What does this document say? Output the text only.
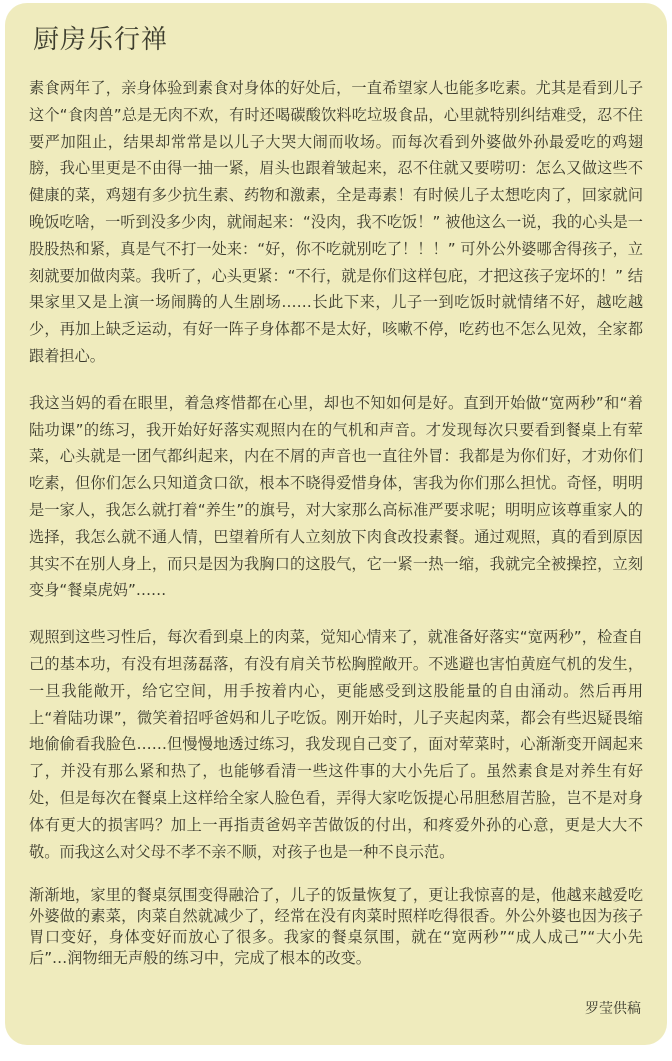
厨房乐行禅

素食两年了，亲身体验到素食对身体的好处后，一直希望家人也能多吃素。尤其是看到儿子这个“食肉兽”总是无肉不欢，有时还喝碳酸饮料吃垃圾食品，心里就特别纠结难受，忍不住要严加阻止，结果却常常是以儿子大哭大闹而收场。而每次看到外婆做外孙最爱吃的鸡翅膀，我心里更是不由得一抽一紧，眉头也跟着皱起来，忍不住就又要唠叨：怎么又做这些不健康的菜，鸡翅有多少抗生素、药物和激素，全是毒素！有时候儿子太想吃肉了，回家就问晚饭吃啥，一听到没多少肉，就闹起来：“没肉，我不吃饭！” 被他这么一说，我的心头是一股股热和紧，真是气不打一处来：“好，你不吃就别吃了！！！” 可外公外婆哪舍得孩子，立刻就要加做肉菜。我听了，心头更紧：“不行，就是你们这样包庇，才把这孩子宠坏的！” 结果家里又是上演一场闹腾的人生剧场……长此下来，儿子一到吃饭时就情绪不好，越吃越少，再加上缺乏运动，有好一阵子身体都不是太好，咳嗽不停，吃药也不怎么见效，全家都跟着担心。

我这当妈的看在眼里，着急疼惜都在心里，却也不知如何是好。直到开始做“宽两秒”和“着陆功课”的练习，我开始好好落实观照内在的气机和声音。才发现每次只要看到餐桌上有荤菜，心头就是一团气都纠起来，内在不屑的声音也一直往外冒：我都是为你们好，才劝你们吃素，但你们怎么只知道贪口欲，根本不晓得爱惜身体，害我为你们那么担忧。奇怪，明明是一家人，我怎么就打着“养生”的旗号，对大家那么高标准严要求呢；明明应该尊重家人的选择，我怎么就不通人情，巴望着所有人立刻放下肉食改投素餐。通过观照，真的看到原因其实不在别人身上，而只是因为我胸口的这股气，它一紧一热一缩，我就完全被操控，立刻变身“餐桌虎妈”……

观照到这些习性后，每次看到桌上的肉菜，觉知心情来了，就准备好落实“宽两秒”，检查自己的基本功，有没有坦荡磊落，有没有肩关节松胸膛敞开。不逃避也害怕黄庭气机的发生，一旦我能敞开，给它空间，用手按着内心，更能感受到这股能量的自由涌动。然后再用上“着陆功课”，微笑着招呼爸妈和儿子吃饭。刚开始时，儿子夹起肉菜，都会有些迟疑畏缩地偷偷看我脸色……但慢慢地透过练习，我发现自己变了，面对荤菜时，心渐渐变开阔起来了，并没有那么紧和热了，也能够看清一些这件事的大小先后了。虽然素食是对养生有好处，但是每次在餐桌上这样给全家人脸色看，弄得大家吃饭提心吊胆愁眉苦脸，岂不是对身体有更大的损害吗？加上一再指责爸妈辛苦做饭的付出，和疼爱外孙的心意，更是大大不敬。而我这么对父母不孝不亲不顺，对孩子也是一种不良示范。

渐渐地，家里的餐桌氛围变得融洽了，儿子的饭量恢复了，更让我惊喜的是，他越来越爱吃外婆做的素菜，肉菜自然就减少了，经常在没有肉菜时照样吃得很香。外公外婆也因为孩子胃口变好，身体变好而放心了很多。我家的餐桌氛围，就在“宽两秒”“成人成己”“大小先后”…润物细无声般的练习中，完成了根本的改变。

罗莹供稿
